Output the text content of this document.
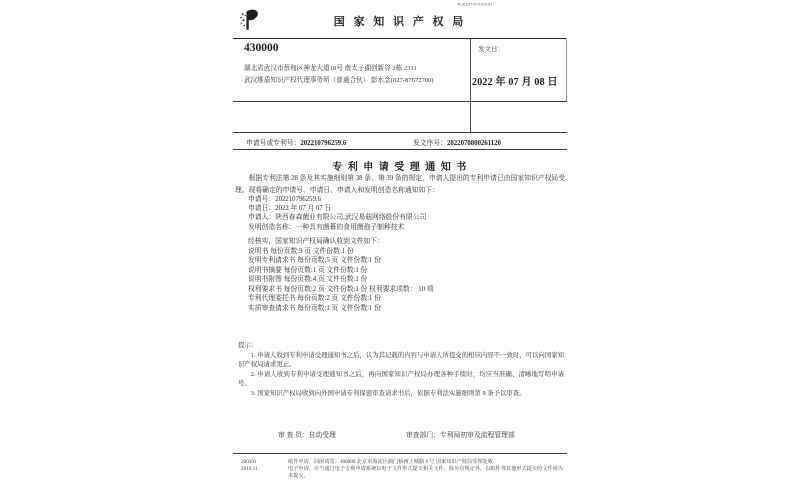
W202207079191011
国 家 知 识 产 权 局
430000
湖北省武汉市蔡甸区神龙大道18号 南太子湖创新谷 2栋 2311
武汉维盾知识产权代理事务所（普通合伙） 彭水念(027-87672700)
发文日：
2022 年 07 月 08 日
申请号或专利号：202210796259.6	发文序号：2022070800261120
专 利 申 请 受 理 通 知 书

根据专利法第 28 条及其实施细则第 38 条、第 39 条的规定，申请人提出的专利申请已由国家知识产权局受理。现将确定的申请号、申请日、申请人和发明创造名称通知如下：

申请号：202210796259.6
申请日：2022 年 07 月 07 日
申请人：陕西春森菌业有限公司,武汉易菇网络股份有限公司
发明创造名称：一种具有菌幕的食用菌孢子制种技术
经核实，国家知识产权局确认收到文件如下：
说明书 每份页数:9 页 文件份数:1 份
发明专利请求书 每份页数:5 页 文件份数:1 份
说明书摘要 每份页数:1 页 文件份数:1 份
说明书附图 每份页数:4 页 文件份数:1 份
权利要求书 每份页数:2 页 文件份数:1 份 权利要求项数： 10 项
专利代理委托书 每份页数:2 页 文件份数:1 份
实质审查请求书 每份页数:1 页 文件份数:1 份
提示：
1. 申请人收到专利申请受理通知书之后，认为其记载的内容与申请人所提交的相应内容不一致时，可以向国家知识产权局请求更正。
2. 申请人收到专利申请受理通知书之后，再向国家知识产权局办理各种手续时，均应当准确、清晰地写明申请号。
3. 国家知识产权局收到向外国申请专利保密审查请求书后，依据专利法实施细则第 9 条予以审查。
审 查 员：自动受理	审查部门：专利局初审及流程管理部
200101
2019.11
纸件申请，回函请寄：100088 北京市海淀区蓟门桥西土城路 6 号 国家知识产权局受理处收
电子申请，应当通过电子专利申请系统以电子文件形式提交相关文件。除另有规定外，以纸件等其他形式提交的文件视为未提交。
